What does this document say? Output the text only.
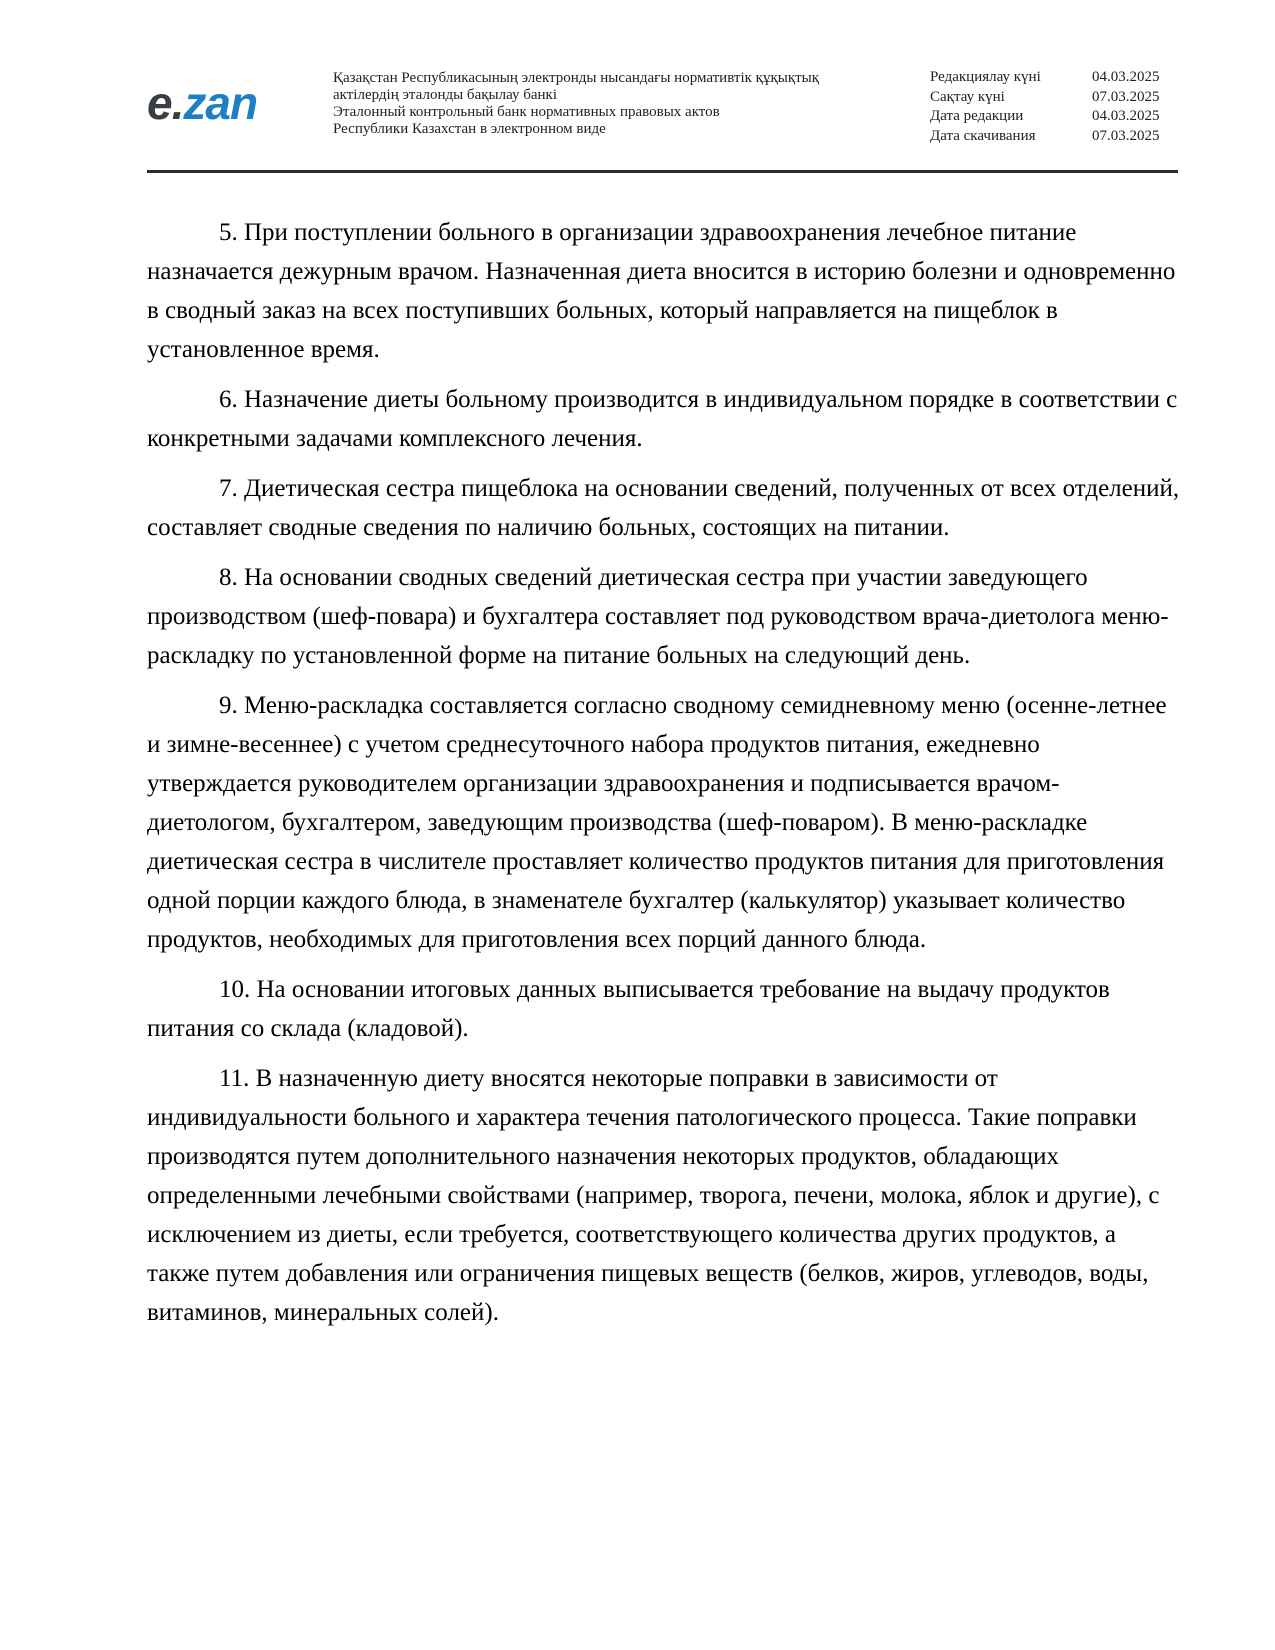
e.zan	Қазақстан Республикасының электронды нысандағы нормативтік құқықтық
актілердің эталонды бақылау банкі
Эталонный контрольный банк нормативных правовых актов
Республики Казахстан в электронном виде
Редакциялау күні	04.03.2025
Сақтау күні	07.03.2025
Дата редакции	04.03.2025
Дата скачивания	07.03.2025

5. При поступлении больного в организации здравоохранения лечебное питание назначается дежурным врачом. Назначенная диета вносится в историю болезни и одновременно в сводный заказ на всех поступивших больных, который направляется на пищеблок в установленное время.

6. Назначение диеты больному производится в индивидуальном порядке в соответствии с конкретными задачами комплексного лечения.

7. Диетическая сестра пищеблока на основании сведений, полученных от всех отделений, составляет сводные сведения по наличию больных, состоящих на питании.

8. На основании сводных сведений диетическая сестра при участии заведующего производством (шеф-повара) и бухгалтера составляет под руководством врача-диетолога меню-раскладку по установленной форме на питание больных на следующий день.

9. Меню-раскладка составляется согласно сводному семидневному меню (осенне-летнее и зимне-весеннее) с учетом среднесуточного набора продуктов питания, ежедневно утверждается руководителем организации здравоохранения и подписывается врачом-диетологом, бухгалтером, заведующим производства (шеф-поваром). В меню-раскладке диетическая сестра в числителе проставляет количество продуктов питания для приготовления одной порции каждого блюда, в знаменателе бухгалтер (калькулятор) указывает количество продуктов, необходимых для приготовления всех порций данного блюда.

10. На основании итоговых данных выписывается требование на выдачу продуктов питания со склада (кладовой).

11. В назначенную диету вносятся некоторые поправки в зависимости от индивидуальности больного и характера течения патологического процесса. Такие поправки производятся путем дополнительного назначения некоторых продуктов, обладающих определенными лечебными свойствами (например, творога, печени, молока, яблок и другие), с исключением из диеты, если требуется, соответствующего количества других продуктов, а также путем добавления или ограничения пищевых веществ (белков, жиров, углеводов, воды, витаминов, минеральных солей).
